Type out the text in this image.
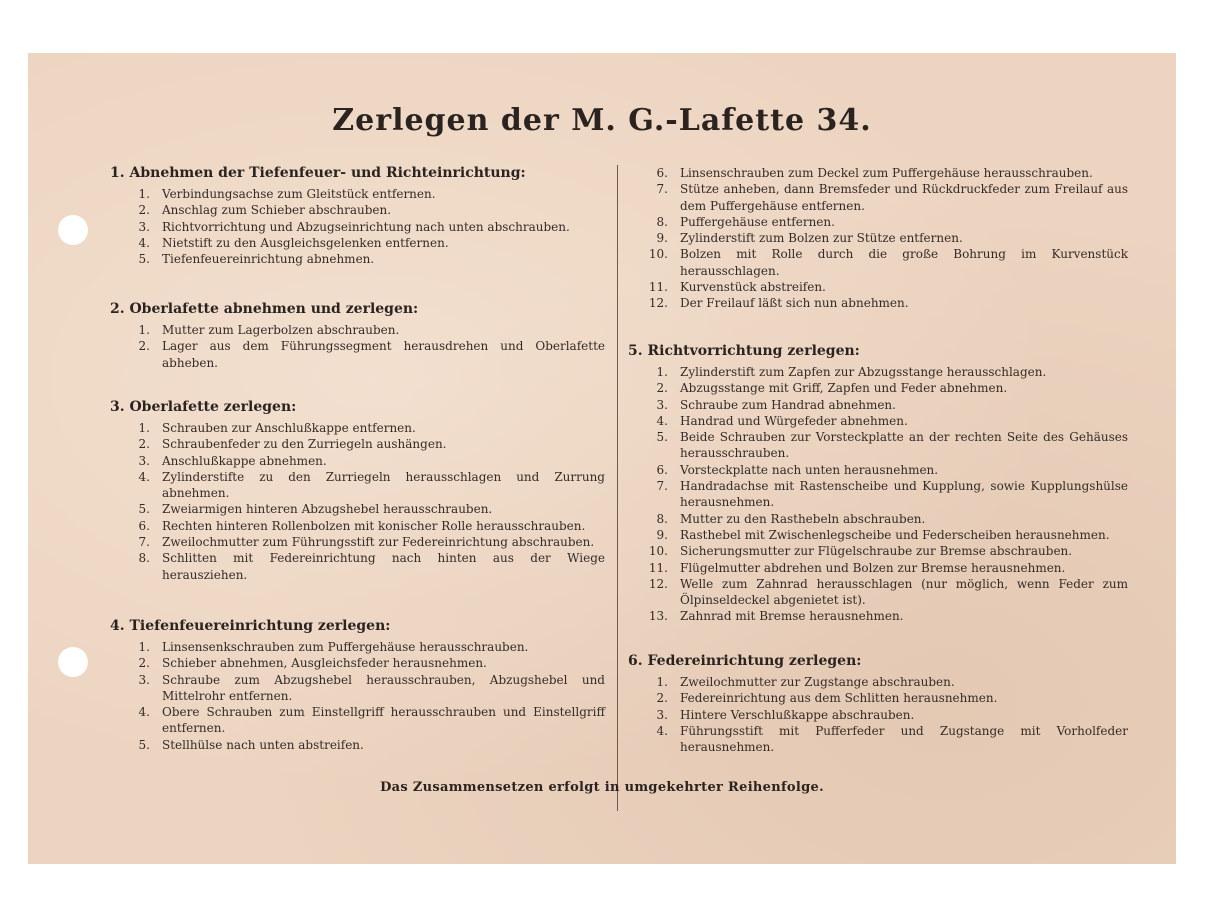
Zerlegen der M. G.-Lafette 34.
1. Abnehmen der Tiefenfeuer- und Richteinrichtung:
1.	Verbindungsachse zum Gleitstück entfernen.
2.	Anschlag zum Schieber abschrauben.
3.	Richtvorrichtung und Abzugseinrichtung nach unten abschrauben.
4.	Nietstift zu den Ausgleichsgelenken entfernen.
5.	Tiefenfeuereinrichtung abnehmen.
2. Oberlafette abnehmen und zerlegen:
1.	Mutter zum Lagerbolzen abschrauben.
2.	Lager aus dem Führungssegment herausdrehen und Oberlafette abheben.
3. Oberlafette zerlegen:
1.	Schrauben zur Anschlußkappe entfernen.
2.	Schraubenfeder zu den Zurriegeln aushängen.
3.	Anschlußkappe abnehmen.
4.	Zylinderstifte zu den Zurriegeln herausschlagen und Zurrung abnehmen.
5.	Zweiarmigen hinteren Abzugshebel herausschrauben.
6.	Rechten hinteren Rollenbolzen mit konischer Rolle herausschrauben.
7.	Zweilochmutter zum Führungsstift zur Federeinrichtung abschrauben.
8.	Schlitten mit Federeinrichtung nach hinten aus der Wiege herausziehen.
4. Tiefenfeuereinrichtung zerlegen:
1.	Linsensenkschrauben zum Puffergehäuse herausschrauben.
2.	Schieber abnehmen, Ausgleichsfeder herausnehmen.
3.	Schraube zum Abzugshebel herausschrauben, Abzugshebel und Mittelrohr entfernen.
4.	Obere Schrauben zum Einstellgriff herausschrauben und Einstellgriff entfernen.
5.	Stellhülse nach unten abstreifen.
6.	Linsenschrauben zum Deckel zum Puffergehäuse herausschrauben.
7.	Stütze anheben, dann Bremsfeder und Rückdruckfeder zum Freilauf aus dem Puffergehäuse entfernen.
8.	Puffergehäuse entfernen.
9.	Zylinderstift zum Bolzen zur Stütze entfernen.
10.	Bolzen mit Rolle durch die große Bohrung im Kurvenstück herausschlagen.
11.	Kurvenstück abstreifen.
12.	Der Freilauf läßt sich nun abnehmen.
5. Richtvorrichtung zerlegen:
1.	Zylinderstift zum Zapfen zur Abzugsstange herausschlagen.
2.	Abzugsstange mit Griff, Zapfen und Feder abnehmen.
3.	Schraube zum Handrad abnehmen.
4.	Handrad und Würgefeder abnehmen.
5.	Beide Schrauben zur Vorsteckplatte an der rechten Seite des Gehäuses herausschrauben.
6.	Vorsteckplatte nach unten herausnehmen.
7.	Handradachse mit Rastenscheibe und Kupplung, sowie Kupplungshülse herausnehmen.
8.	Mutter zu den Rasthebeln abschrauben.
9.	Rasthebel mit Zwischenlegscheibe und Federscheiben herausnehmen.
10.	Sicherungsmutter zur Flügelschraube zur Bremse abschrauben.
11.	Flügelmutter abdrehen und Bolzen zur Bremse herausnehmen.
12.	Welle zum Zahnrad herausschlagen (nur möglich, wenn Feder zum Ölpinseldeckel abgenietet ist).
13.	Zahnrad mit Bremse herausnehmen.
6. Federeinrichtung zerlegen:
1.	Zweilochmutter zur Zugstange abschrauben.
2.	Federeinrichtung aus dem Schlitten herausnehmen.
3.	Hintere Verschlußkappe abschrauben.
4.	Führungsstift mit Pufferfeder und Zugstange mit Vorholfeder herausnehmen.
Das Zusammensetzen erfolgt in umgekehrter Reihenfolge.
